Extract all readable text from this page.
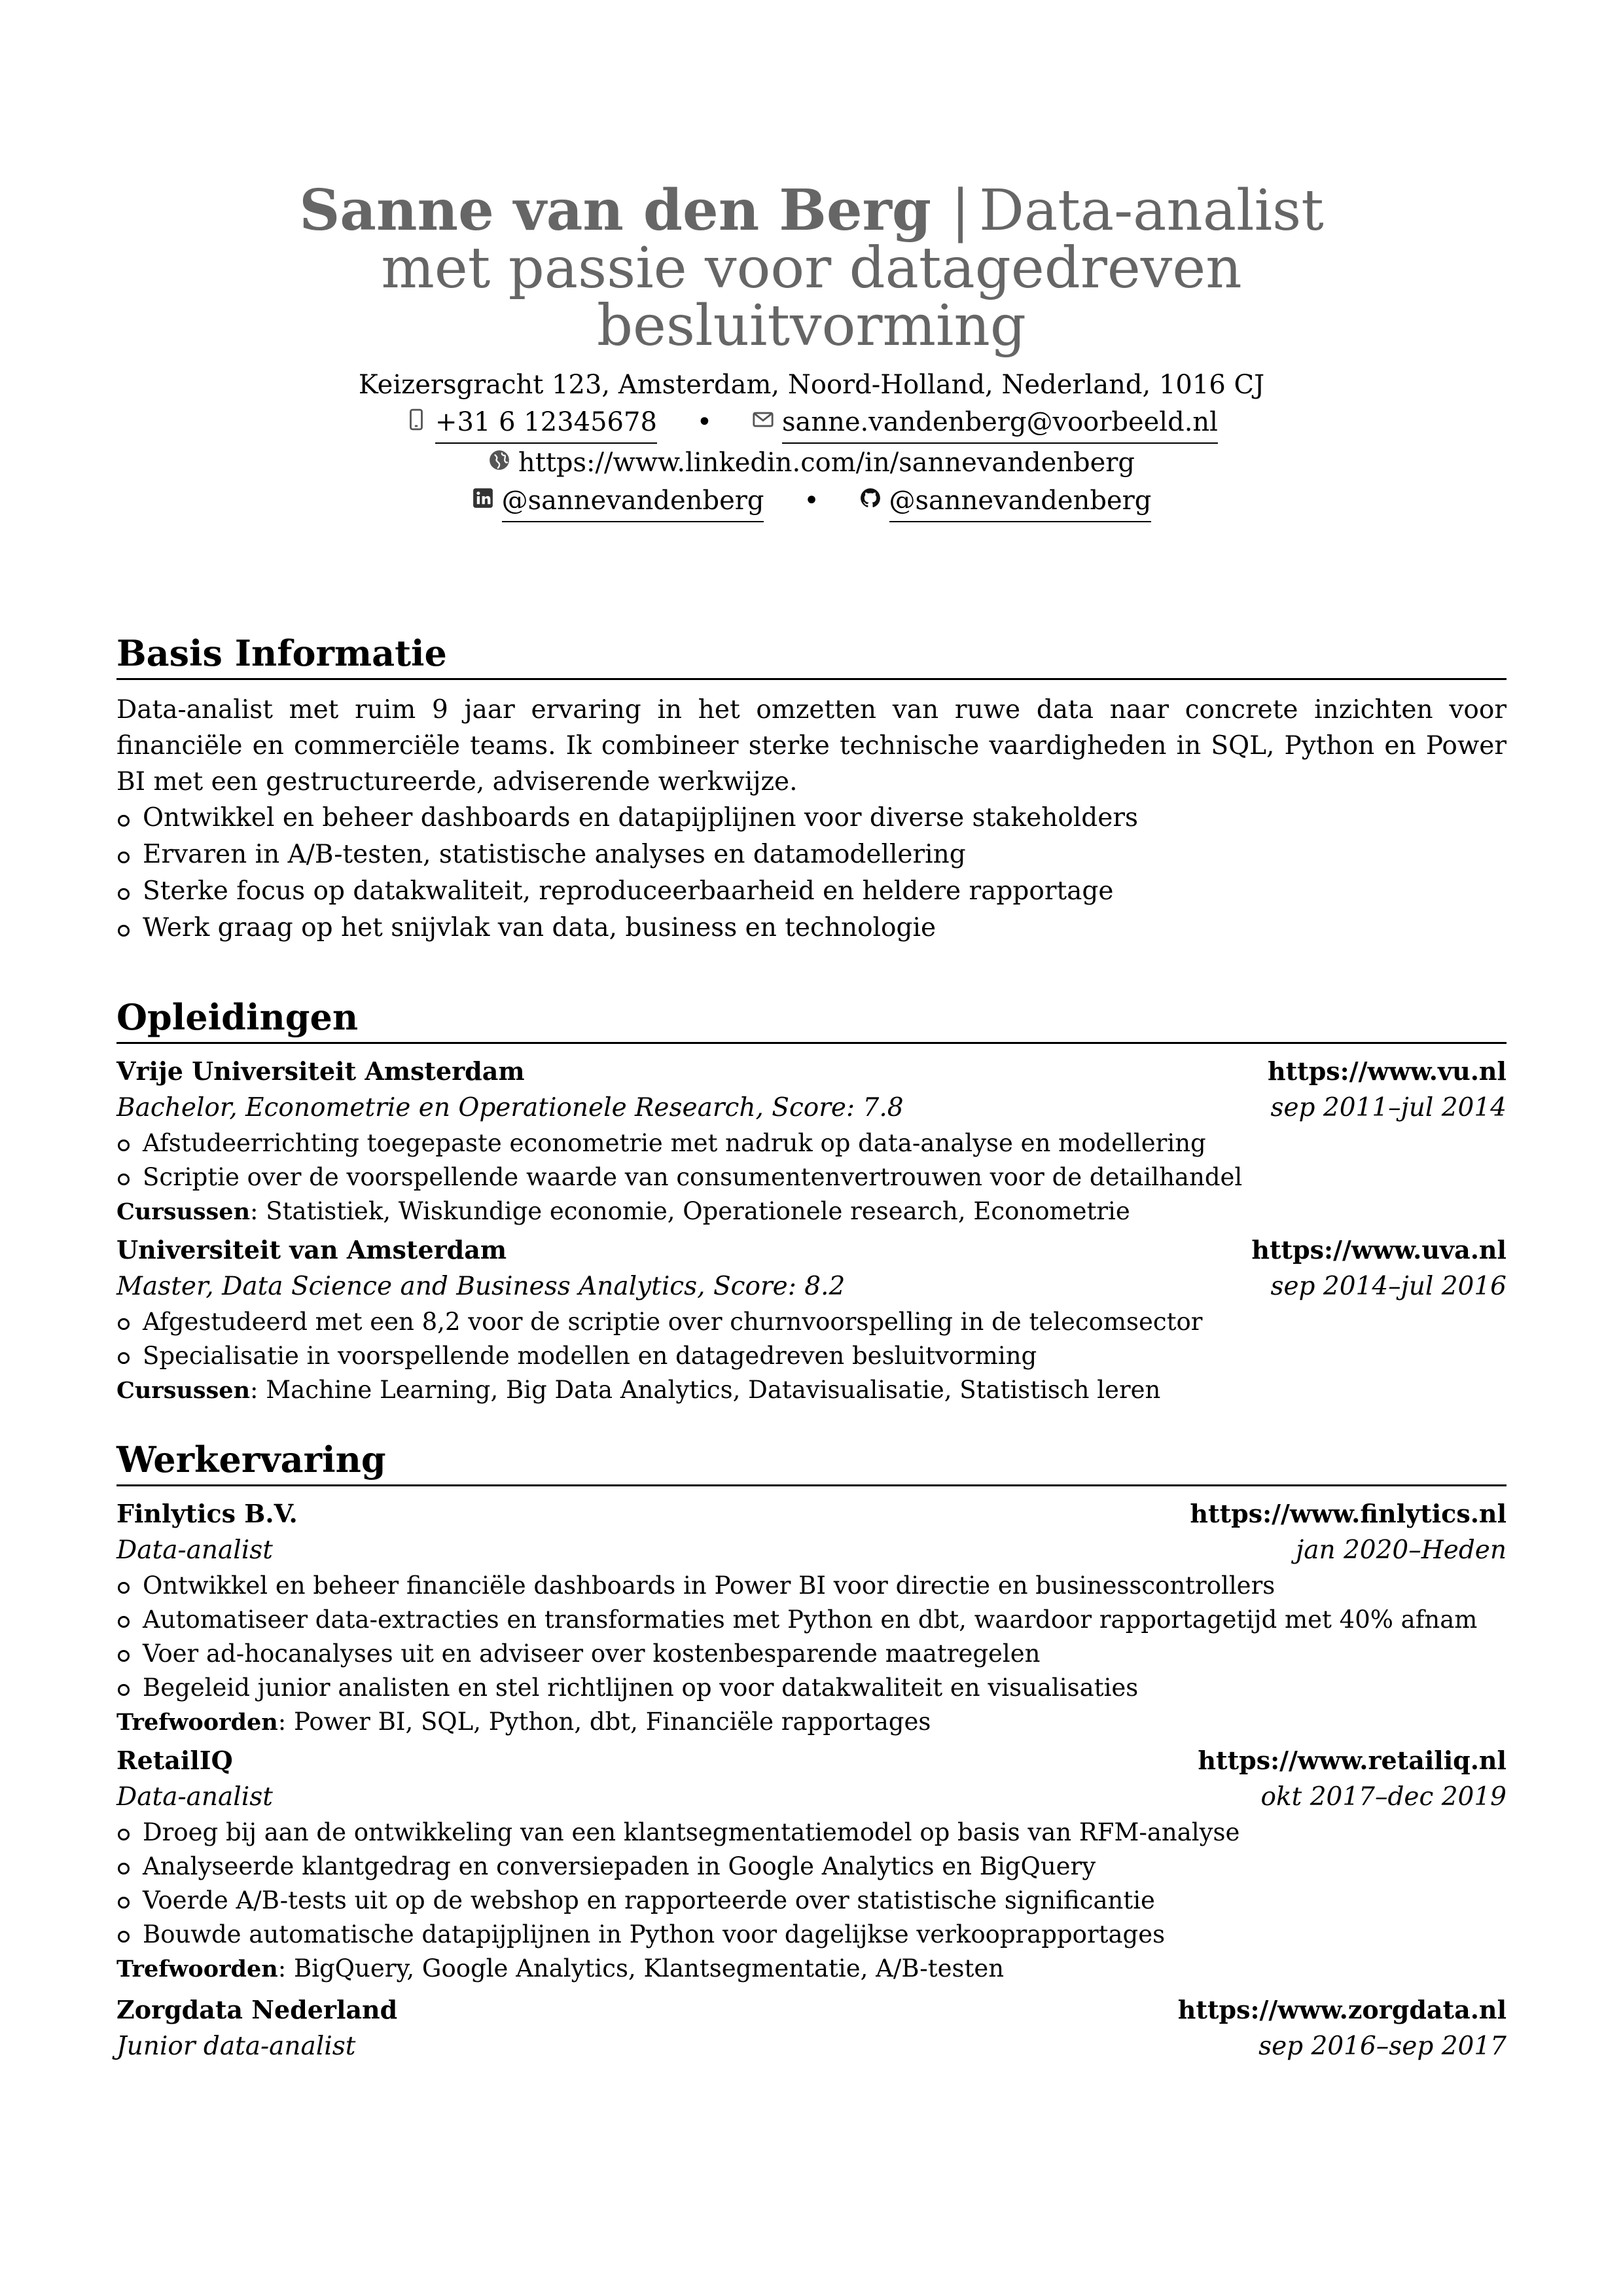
Sanne van den Berg | Data-analist
met passie voor datagedreven
besluitvorming
Keizersgracht 123, Amsterdam, Noord-Holland, Nederland, 1016 CJ
+31 6 12345678 •	sanne.vandenberg@voorbeeld.nl
https://www.linkedin.com/in/sannevandenberg
@sannevandenberg •	@sannevandenberg
Basis Informatie
Data-analist met ruim 9 jaar ervaring in het omzetten van ruwe data naar concrete inzichten voor financiële en commerciële teams. Ik combineer sterke technische vaardigheden in SQL, Python en Power BI met een gestructureerde, adviserende werkwijze.
Ontwikkel en beheer dashboards en datapijplijnen voor diverse stakeholders
Ervaren in A/B-testen, statistische analyses en datamodellering
Sterke focus op datakwaliteit, reproduceerbaarheid en heldere rapportage
Werk graag op het snijvlak van data, business en technologie
Opleidingen
Vrije Universiteit Amsterdam	https://www.vu.nl
Bachelor, Econometrie en Operationele Research, Score: 7.8	sep 2011–jul 2014
Afstudeerrichting toegepaste econometrie met nadruk op data-analyse en modellering
Scriptie over de voorspellende waarde van consumentenvertrouwen voor de detailhandel
Cursussen: Statistiek, Wiskundige economie, Operationele research, Econometrie
Universiteit van Amsterdam	https://www.uva.nl
Master, Data Science and Business Analytics, Score: 8.2	sep 2014–jul 2016
Afgestudeerd met een 8,2 voor de scriptie over churnvoorspelling in de telecomsector
Specialisatie in voorspellende modellen en datagedreven besluitvorming
Cursussen: Machine Learning, Big Data Analytics, Datavisualisatie, Statistisch leren
Werkervaring
Finlytics B.V.	https://www.finlytics.nl
Data-analist	jan 2020–Heden
Ontwikkel en beheer financiële dashboards in Power BI voor directie en businesscontrollers
Automatiseer data-extracties en transformaties met Python en dbt, waardoor rapportagetijd met 40% afnam
Voer ad-hocanalyses uit en adviseer over kostenbesparende maatregelen
Begeleid junior analisten en stel richtlijnen op voor datakwaliteit en visualisaties
Trefwoorden: Power BI, SQL, Python, dbt, Financiële rapportages
RetailIQ	https://www.retailiq.nl
Data-analist	okt 2017–dec 2019
Droeg bij aan de ontwikkeling van een klantsegmentatiemodel op basis van RFM-analyse
Analyseerde klantgedrag en conversiepaden in Google Analytics en BigQuery
Voerde A/B-tests uit op de webshop en rapporteerde over statistische significantie
Bouwde automatische datapijplijnen in Python voor dagelijkse verkooprapportages
Trefwoorden: BigQuery, Google Analytics, Klantsegmentatie, A/B-testen
Zorgdata Nederland	https://www.zorgdata.nl
Junior data-analist	sep 2016–sep 2017
